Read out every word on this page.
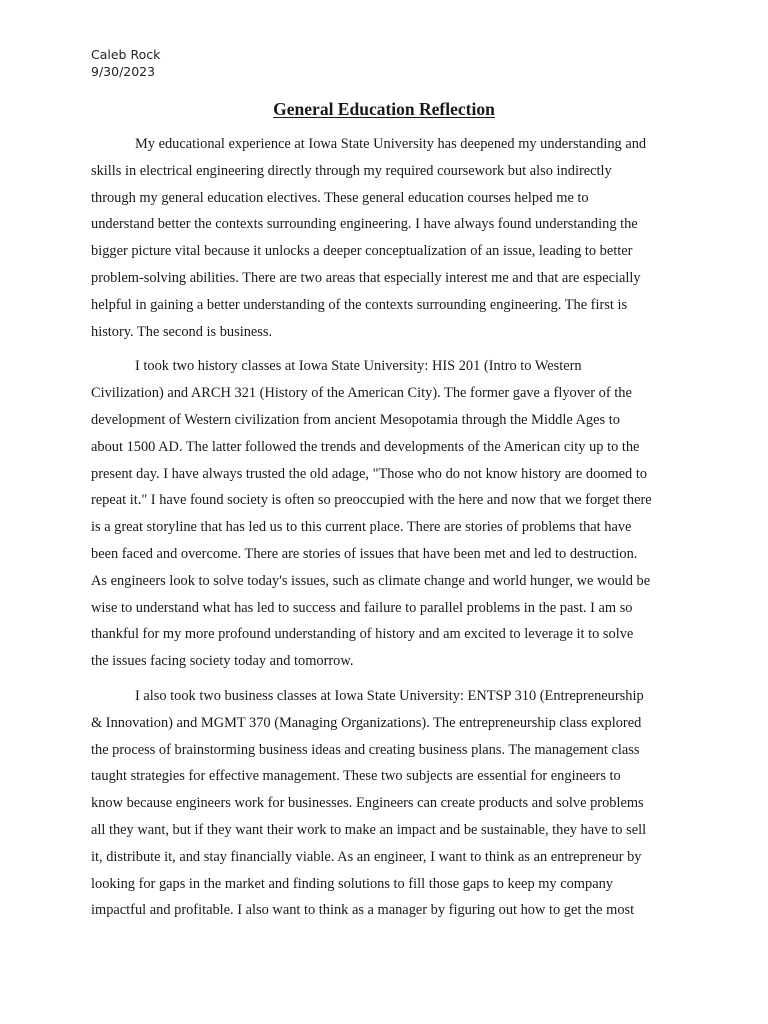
Caleb Rock
9/30/2023
General Education Reflection
My educational experience at Iowa State University has deepened my understanding and
skills in electrical engineering directly through my required coursework but also indirectly
through my general education electives. These general education courses helped me to
understand better the contexts surrounding engineering. I have always found understanding the
bigger picture vital because it unlocks a deeper conceptualization of an issue, leading to better
problem-solving abilities. There are two areas that especially interest me and that are especially
helpful in gaining a better understanding of the contexts surrounding engineering. The first is
history. The second is business.
I took two history classes at Iowa State University: HIS 201 (Intro to Western
Civilization) and ARCH 321 (History of the American City). The former gave a flyover of the
development of Western civilization from ancient Mesopotamia through the Middle Ages to
about 1500 AD. The latter followed the trends and developments of the American city up to the
present day. I have always trusted the old adage, "Those who do not know history are doomed to
repeat it." I have found society is often so preoccupied with the here and now that we forget there
is a great storyline that has led us to this current place. There are stories of problems that have
been faced and overcome. There are stories of issues that have been met and led to destruction.
As engineers look to solve today's issues, such as climate change and world hunger, we would be
wise to understand what has led to success and failure to parallel problems in the past. I am so
thankful for my more profound understanding of history and am excited to leverage it to solve
the issues facing society today and tomorrow.
I also took two business classes at Iowa State University: ENTSP 310 (Entrepreneurship
& Innovation) and MGMT 370 (Managing Organizations). The entrepreneurship class explored
the process of brainstorming business ideas and creating business plans. The management class
taught strategies for effective management. These two subjects are essential for engineers to
know because engineers work for businesses. Engineers can create products and solve problems
all they want, but if they want their work to make an impact and be sustainable, they have to sell
it, distribute it, and stay financially viable. As an engineer, I want to think as an entrepreneur by
looking for gaps in the market and finding solutions to fill those gaps to keep my company
impactful and profitable. I also want to think as a manager by figuring out how to get the most
